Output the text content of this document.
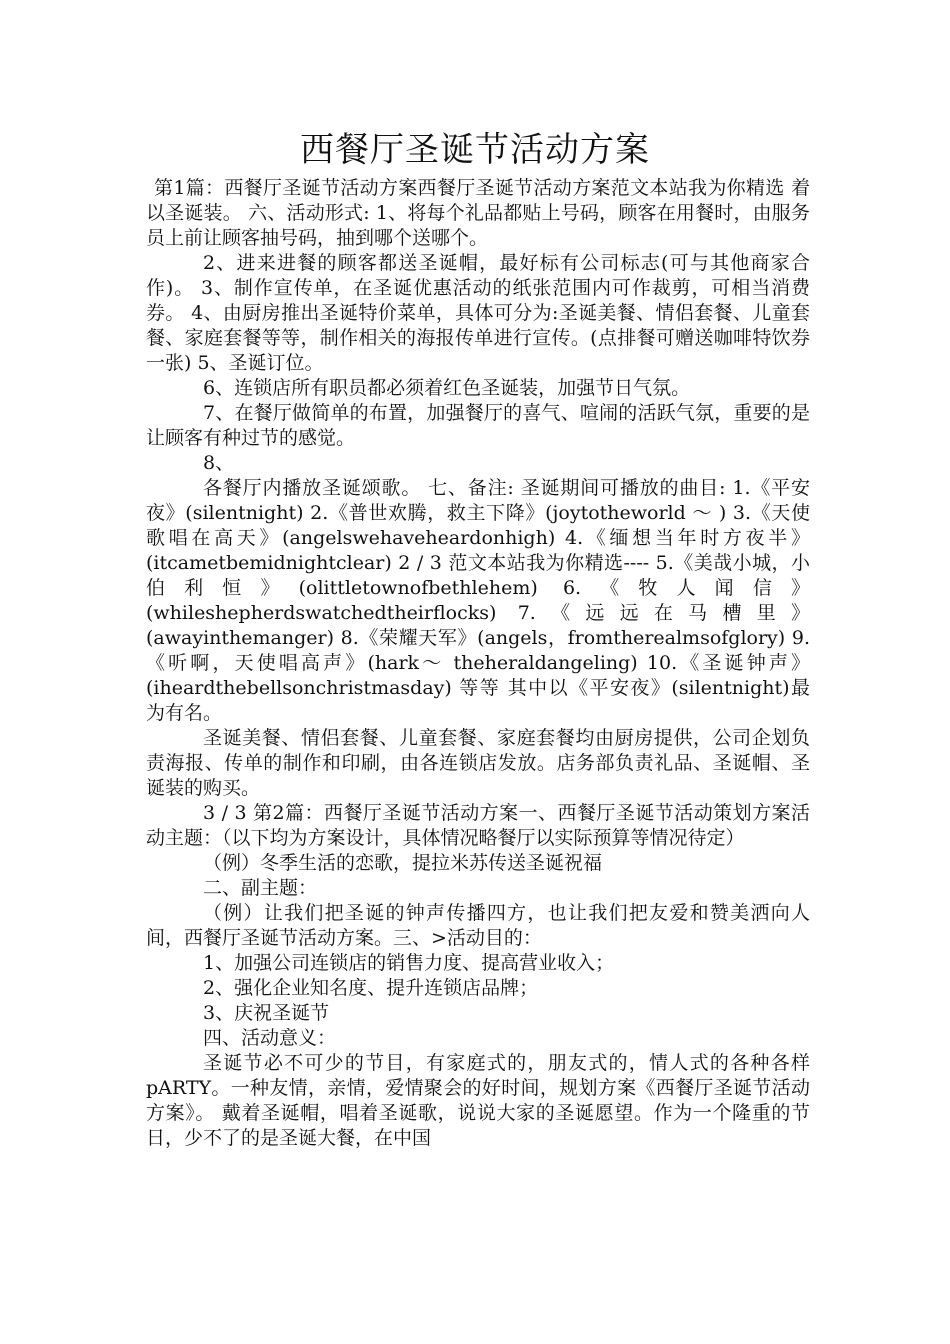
西餐厅圣诞节活动方案

第1篇：西餐厅圣诞节活动方案西餐厅圣诞节活动方案范文本站我为你精选 着以圣诞装。 六、活动形式: 1、将每个礼品都贴上号码，顾客在用餐时，由服务员上前让顾客抽号码，抽到哪个送哪个。

2、进来进餐的顾客都送圣诞帽，最好标有公司标志(可与其他商家合作)。 3、制作宣传单，在圣诞优惠活动的纸张范围内可作裁剪，可相当消费券。 4、由厨房推出圣诞特价菜单，具体可分为:圣诞美餐、情侣套餐、儿童套餐、家庭套餐等等，制作相关的海报传单进行宣传。(点排餐可赠送咖啡特饮券一张) 5、圣诞订位。

6、连锁店所有职员都必须着红色圣诞装，加强节日气氛。

7、在餐厅做简单的布置，加强餐厅的喜气、喧闹的活跃气氛，重要的是让顾客有种过节的感觉。

8、

各餐厅内播放圣诞颂歌。 七、备注: 圣诞期间可播放的曲目: 1.《平安夜》(silentnight) 2.《普世欢腾，救主下降》(joytotheworld ～ ) 3.《天使歌唱在高天》(angelswehaveheardonhigh) 4.《缅想当年时方夜半》(itcametbemidnightclear) 2 / 3 范文本站我为你精选---- 5.《美哉小城，小伯利恒》(olittletownofbethlehem) 6.《牧人闻信》(whileshepherdswatchedtheirflocks) 7.《远远在马槽里》(awayinthemanger) 8.《荣耀天军》(angels，fromtherealmsofglory) 9.《听啊，天使唱高声》(hark～ theheraldangeling) 10.《圣诞钟声》(iheardthebellsonchristmasday) 等等 其中以《平安夜》(silentnight)最为有名。

圣诞美餐、情侣套餐、儿童套餐、家庭套餐均由厨房提供，公司企划负责海报、传单的制作和印刷，由各连锁店发放。店务部负责礼品、圣诞帽、圣诞装的购买。

3 / 3 第2篇：西餐厅圣诞节活动方案一、西餐厅圣诞节活动策划方案活动主题：（以下均为方案设计，具体情况略餐厅以实际预算等情况待定）

（例）冬季生活的恋歌，提拉米苏传送圣诞祝福

二、副主题：

（例）让我们把圣诞的钟声传播四方，也让我们把友爱和赞美洒向人间，西餐厅圣诞节活动方案。三、>活动目的：

1、加强公司连锁店的销售力度、提高营业收入；

2、强化企业知名度、提升连锁店品牌；

3、庆祝圣诞节

四、活动意义：

圣诞节必不可少的节目，有家庭式的，朋友式的，情人式的各种各样 pARTY。一种友情，亲情，爱情聚会的好时间，规划方案《西餐厅圣诞节活动方案》。 戴着圣诞帽，唱着圣诞歌，说说大家的圣诞愿望。作为一个隆重的节日，少不了的是圣诞大餐，在中国
